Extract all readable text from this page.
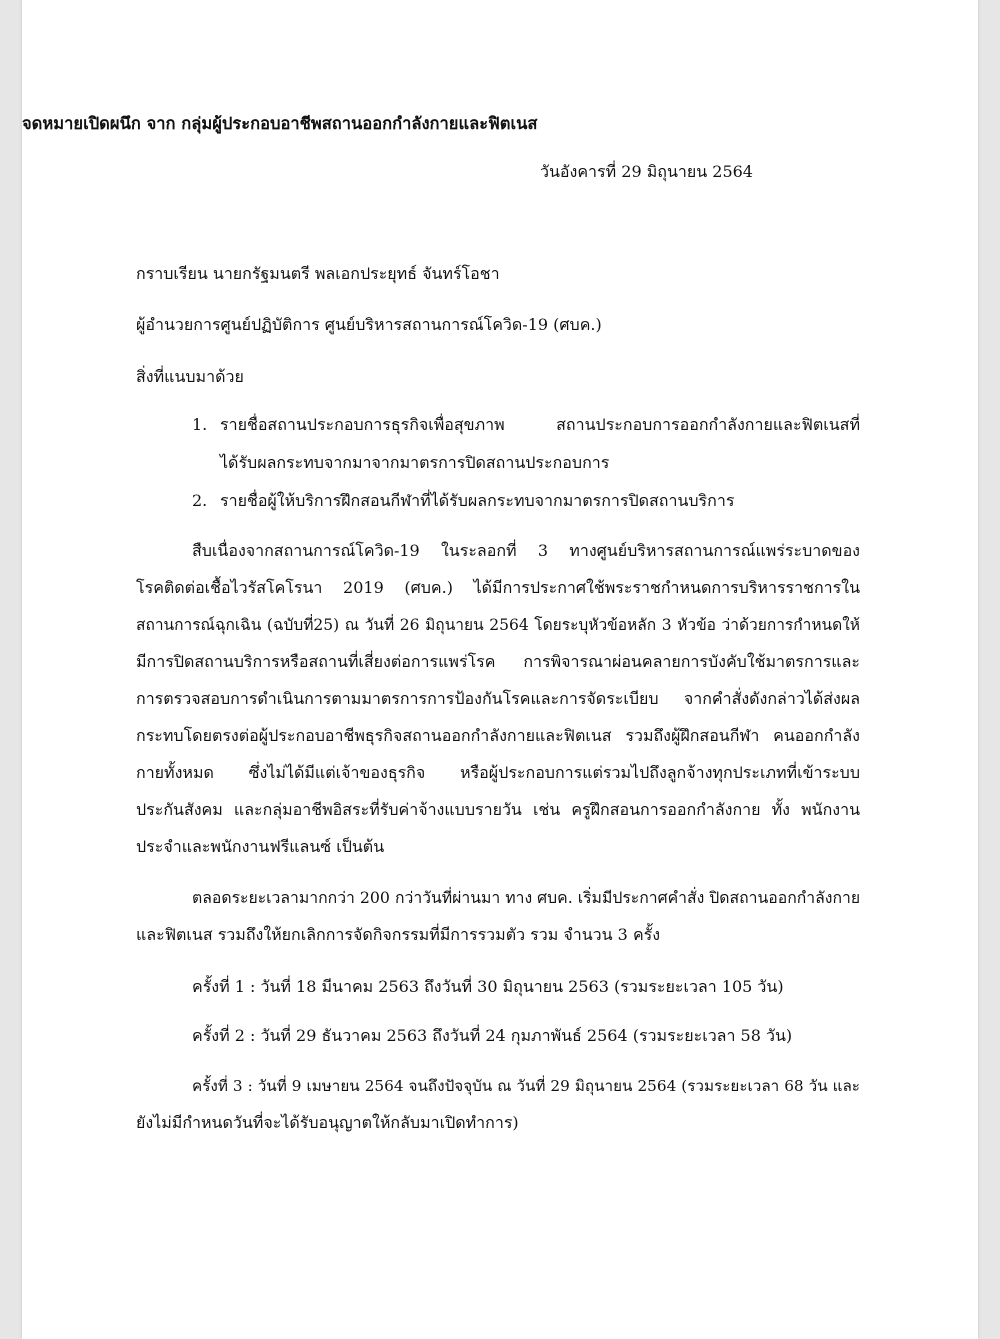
จดหมายเปิดผนึก จาก กลุ่มผู้ประกอบอาชีพสถานออกกำลังกายและฟิตเนส
วันอังคารที่ 29 มิถุนายน 2564
กราบเรียน นายกรัฐมนตรี พลเอกประยุทธ์ จันทร์โอชา
ผู้อำนวยการศูนย์ปฏิบัติการ ศูนย์บริหารสถานการณ์โควิด-19 (ศบค.)
สิ่งที่แนบมาด้วย
1. รายชื่อสถานประกอบการธุรกิจเพื่อสุขภาพ สถานประกอบการออกกำลังกายและฟิตเนสที่
ได้รับผลกระทบจากมาจากมาตรการปิดสถานประกอบการ
2. รายชื่อผู้ให้บริการฝึกสอนกีฬาที่ได้รับผลกระทบจากมาตรการปิดสถานบริการ
สืบเนื่องจากสถานการณ์โควิด-19 ในระลอกที่ 3 ทางศูนย์บริหารสถานการณ์แพร่ระบาดของ
โรคติดต่อเชื้อไวรัสโคโรนา 2019 (ศบค.) ได้มีการประกาศใช้พระราชกำหนดการบริหารราชการใน
สถานการณ์ฉุกเฉิน (ฉบับที่25) ณ วันที่ 26 มิถุนายน 2564 โดยระบุหัวข้อหลัก 3 หัวข้อ ว่าด้วยการกำหนดให้
มีการปิดสถานบริการหรือสถานที่เสี่ยงต่อการแพร่โรค การพิจารณาผ่อนคลายการบังคับใช้มาตรการและ
การตรวจสอบการดำเนินการตามมาตรการการป้องกันโรคและการจัดระเบียบ จากคำสั่งดังกล่าวได้ส่งผล
กระทบโดยตรงต่อผู้ประกอบอาชีพธุรกิจสถานออกกำลังกายและฟิตเนส รวมถึงผู้ฝึกสอนกีฬา คนออกกำลัง
กายทั้งหมด ซึ่งไม่ได้มีแต่เจ้าของธุรกิจ หรือผู้ประกอบการแต่รวมไปถึงลูกจ้างทุกประเภทที่เข้าระบบ
ประกันสังคม และกลุ่มอาชีพอิสระที่รับค่าจ้างแบบรายวัน เช่น ครูฝึกสอนการออกกำลังกาย ทั้ง พนักงาน
ประจำและพนักงานฟรีแลนซ์ เป็นต้น
ตลอดระยะเวลามากกว่า 200 กว่าวันที่ผ่านมา ทาง ศบค. เริ่มมีประกาศคำสั่ง ปิดสถานออกกำลังกาย
และฟิตเนส รวมถึงให้ยกเลิกการจัดกิจกรรมที่มีการรวมตัว รวม จำนวน 3 ครั้ง
ครั้งที่ 1 : วันที่ 18 มีนาคม 2563 ถึงวันที่ 30 มิถุนายน 2563 (รวมระยะเวลา 105 วัน)
ครั้งที่ 2 : วันที่ 29 ธันวาคม 2563 ถึงวันที่ 24 กุมภาพันธ์ 2564 (รวมระยะเวลา 58 วัน)
ครั้งที่ 3 : วันที่ 9 เมษายน 2564 จนถึงปัจจุบัน ณ วันที่ 29 มิถุนายน 2564 (รวมระยะเวลา 68 วัน และ
ยังไม่มีกำหนดวันที่จะได้รับอนุญาตให้กลับมาเปิดทำการ)
